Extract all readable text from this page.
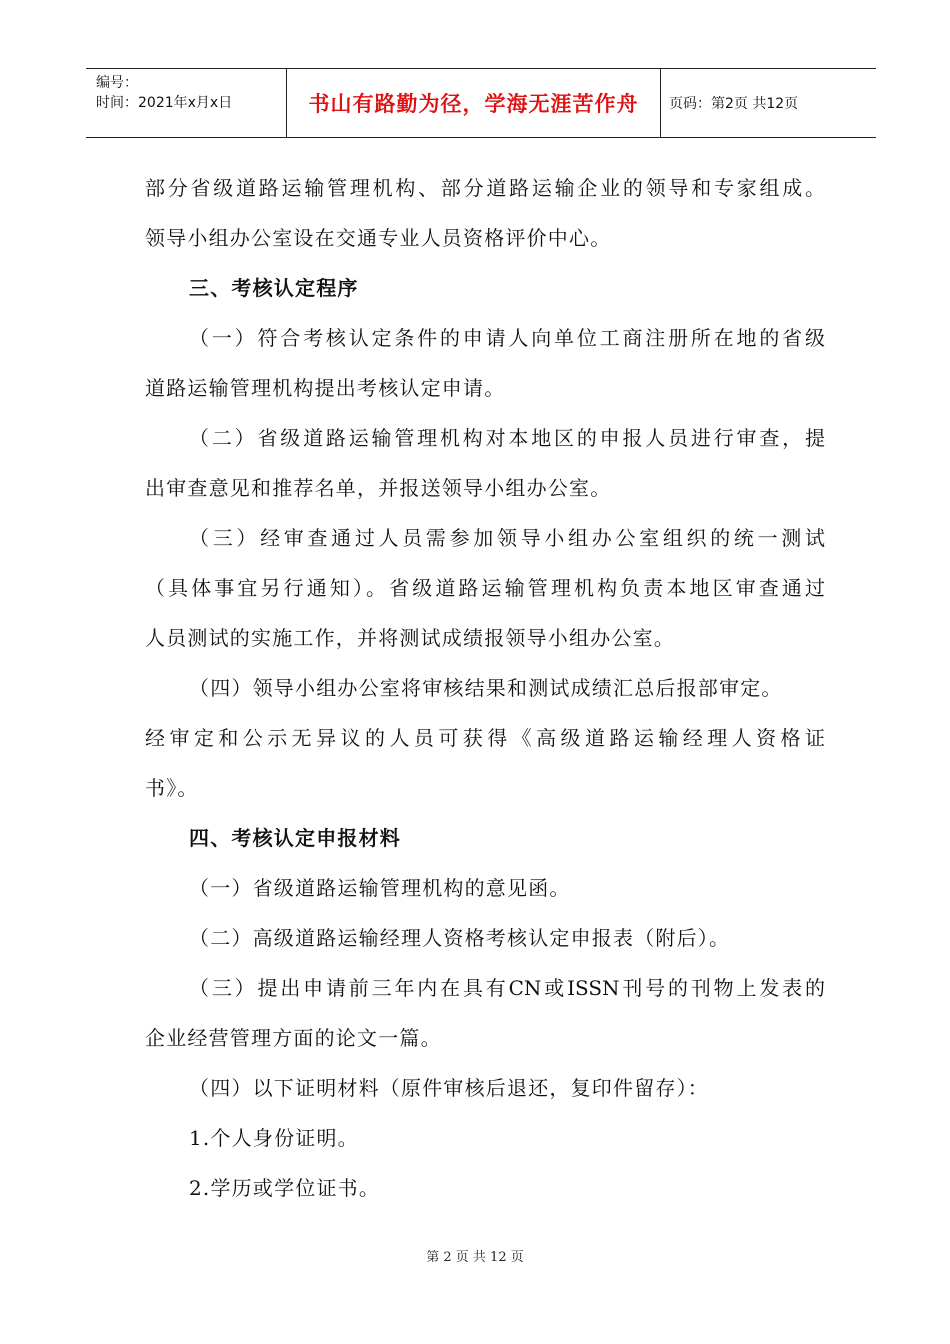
编号：
时间：2021年x月x日	书山有路勤为径，学海无涯苦作舟	页码：第2页 共12页
部分省级道路运输管理机构、部分道路运输企业的领导和专家组成。
领导小组办公室设在交通专业人员资格评价中心。
三、考核认定程序
（一）符合考核认定条件的申请人向单位工商注册所在地的省级
道路运输管理机构提出考核认定申请。
（二）省级道路运输管理机构对本地区的申报人员进行审查，提
出审查意见和推荐名单，并报送领导小组办公室。
（三）经审查通过人员需参加领导小组办公室组织的统一测试
（具体事宜另行通知）。省级道路运输管理机构负责本地区审查通过
人员测试的实施工作，并将测试成绩报领导小组办公室。
（四）领导小组办公室将审核结果和测试成绩汇总后报部审定。
经审定和公示无异议的人员可获得《高级道路运输经理人资格证
书》。
四、考核认定申报材料
（一）省级道路运输管理机构的意见函。
（二）高级道路运输经理人资格考核认定申报表（附后）。
（三）提出申请前三年内在具有CN或ISSN刊号的刊物上发表的
企业经营管理方面的论文一篇。
（四）以下证明材料（原件审核后退还，复印件留存）：
1.个人身份证明。
2.学历或学位证书。
第 2 页 共 12 页
